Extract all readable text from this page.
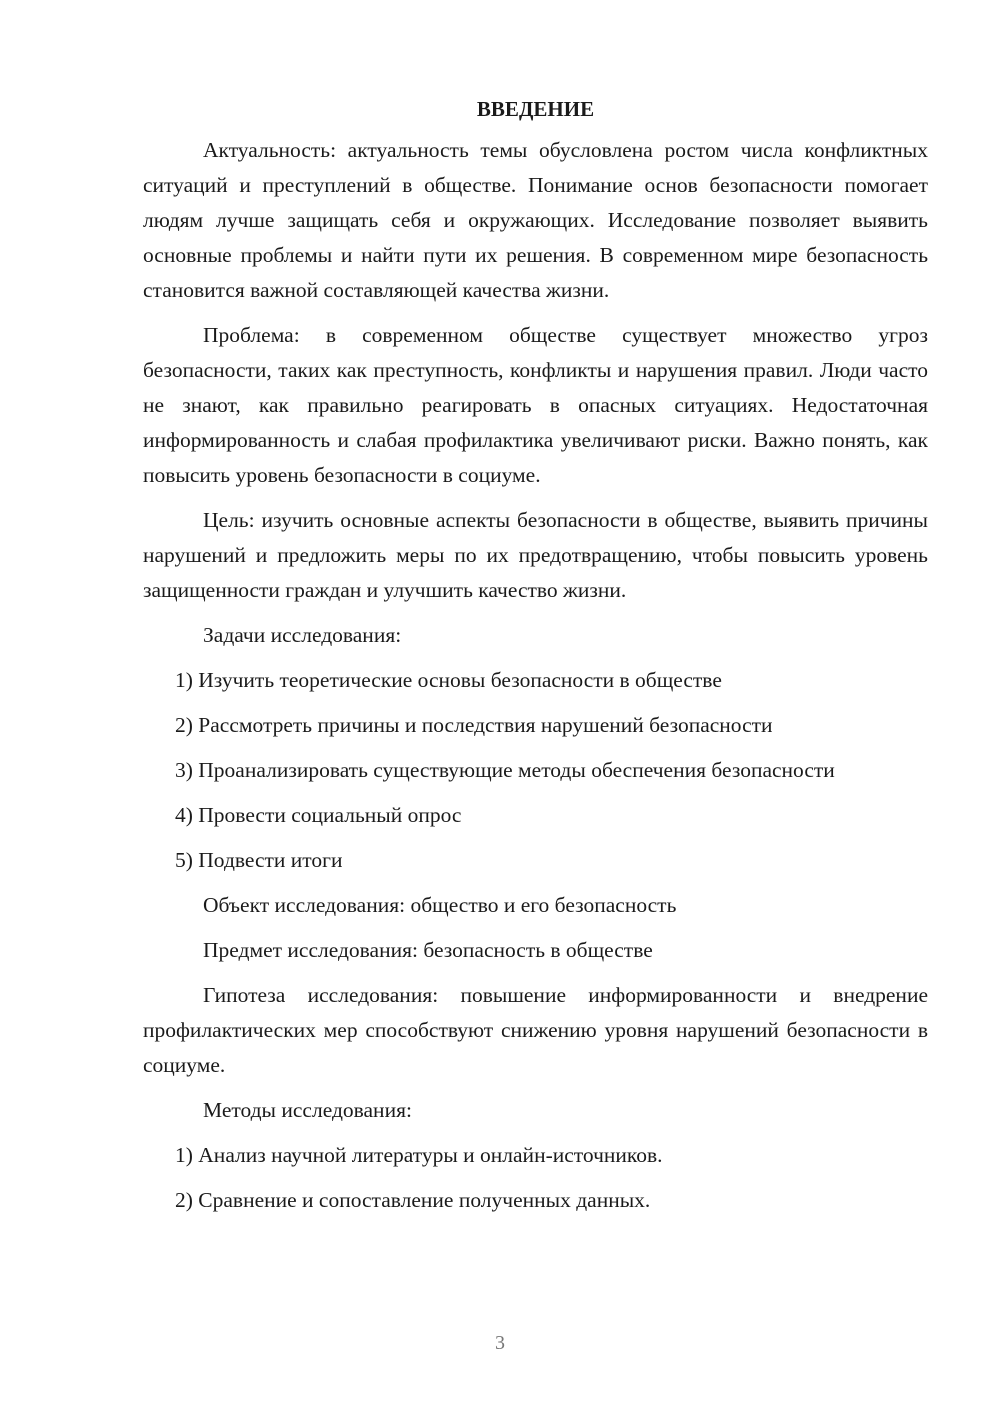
ВВЕДЕНИЕ

Актуальность: актуальность темы обусловлена ростом числа конфликтных ситуаций и преступлений в обществе. Понимание основ безопасности помогает людям лучше защищать себя и окружающих. Исследование позволяет выявить основные проблемы и найти пути их решения. В современном мире безопасность становится важной составляющей качества жизни.

Проблема: в современном обществе существует множество угроз безопасности, таких как преступность, конфликты и нарушения правил. Люди часто не знают, как правильно реагировать в опасных ситуациях. Недостаточная информированность и слабая профилактика увеличивают риски. Важно понять, как повысить уровень безопасности в социуме.

Цель: изучить основные аспекты безопасности в обществе, выявить причины нарушений и предложить меры по их предотвращению, чтобы повысить уровень защищенности граждан и улучшить качество жизни.

Задачи исследования:

1) Изучить теоретические основы безопасности в обществе

2) Рассмотреть причины и последствия нарушений безопасности

3) Проанализировать существующие методы обеспечения безопасности

4) Провести социальный опрос

5) Подвести итоги

Объект исследования: общество и его безопасность

Предмет исследования: безопасность в обществе

Гипотеза исследования: повышение информированности и внедрение профилактических мер способствуют снижению уровня нарушений безопасности в социуме.

Методы исследования:

1) Анализ научной литературы и онлайн-источников.

2) Сравнение и сопоставление полученных данных.

3
